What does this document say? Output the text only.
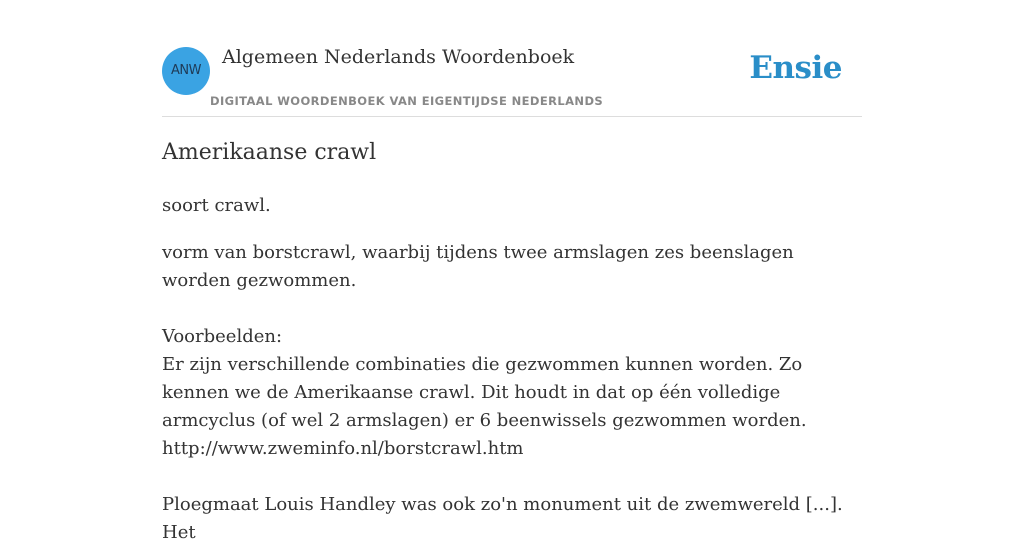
ANW
Algemeen Nederlands Woordenboek
DIGITAAL WOORDENBOEK VAN EIGENTIJDSE NEDERLANDS
Ensie
Amerikaanse crawl

soort crawl.

vorm van borstcrawl, waarbij tijdens twee armslagen zes beenslagen worden gezwommen.

Voorbeelden:

Er zijn verschillende combinaties die gezwommen kunnen worden. Zo kennen we de Amerikaanse crawl. Dit houdt in dat op één volledige armcyclus (of wel 2 armslagen) er 6 beenwissels gezwommen worden.

http://www.zweminfo.nl/borstcrawl.htm

Ploegmaat Louis Handley was ook zo'n monument uit de zwemwereld [...]. Het
